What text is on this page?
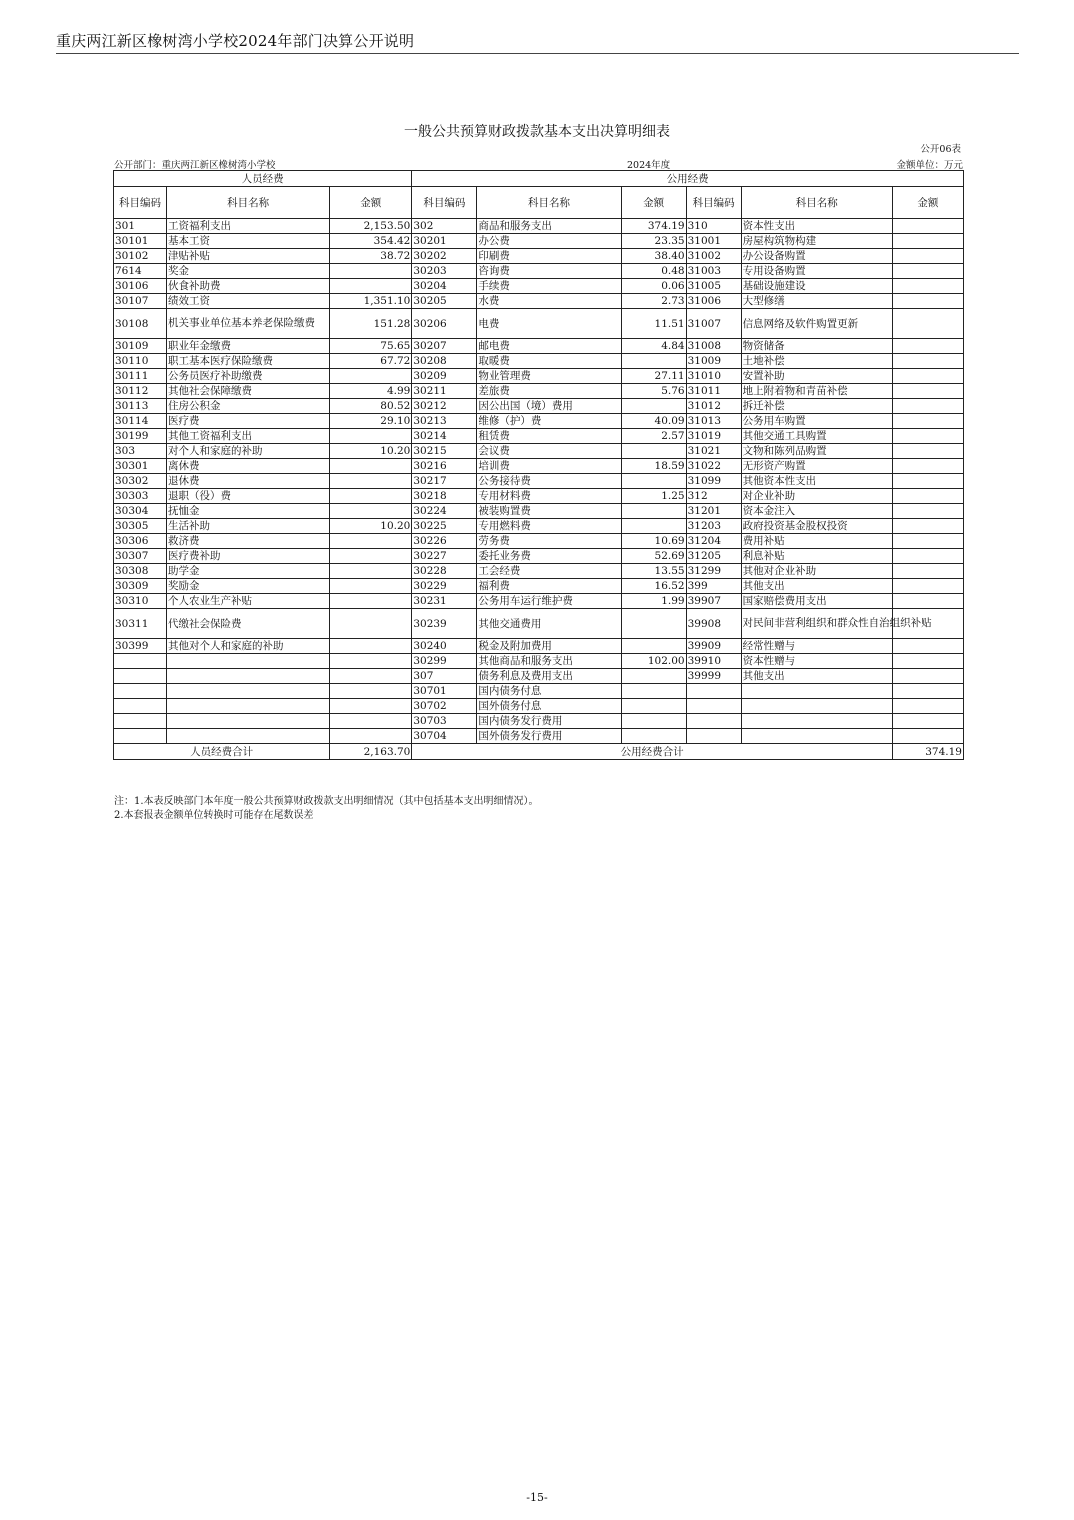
重庆两江新区橡树湾小学校2024年部门决算公开说明
一般公共预算财政拨款基本支出决算明细表
公开06表
公开部门：重庆两江新区橡树湾小学校	2024年度	金额单位：万元
人员经费			公用经费					
科目编码	科目名称	金额	科目编码	科目名称	金额	科目编码	科目名称	金额
301	工资福利支出	2,153.50	302	商品和服务支出	374.19	310	资本性支出	
30101	基本工资	354.42	30201	办公费	23.35	31001	房屋构筑物构建	
30102	津贴补贴	38.72	30202	印刷费	38.40	31002	办公设备购置	
7614	奖金		30203	咨询费	0.48	31003	专用设备购置	
30106	伙食补助费		30204	手续费	0.06	31005	基础设施建设	
30107	绩效工资	1,351.10	30205	水费	2.73	31006	大型修缮	
30108	机关事业单位基本养老保险缴费	151.28	30206	电费	11.51	31007	信息网络及软件购置更新	
30109	职业年金缴费	75.65	30207	邮电费	4.84	31008	物资储备	
30110	职工基本医疗保险缴费	67.72	30208	取暖费		31009	土地补偿	
30111	公务员医疗补助缴费		30209	物业管理费	27.11	31010	安置补助	
30112	其他社会保障缴费	4.99	30211	差旅费	5.76	31011	地上附着物和青苗补偿	
30113	住房公积金	80.52	30212	因公出国（境）费用		31012	拆迁补偿	
30114	医疗费	29.10	30213	维修（护）费	40.09	31013	公务用车购置	
30199	其他工资福利支出		30214	租赁费	2.57	31019	其他交通工具购置	
303	对个人和家庭的补助	10.20	30215	会议费		31021	文物和陈列品购置	
30301	离休费		30216	培训费	18.59	31022	无形资产购置	
30302	退休费		30217	公务接待费		31099	其他资本性支出	
30303	退职（役）费		30218	专用材料费	1.25	312	对企业补助	
30304	抚恤金		30224	被装购置费		31201	资本金注入	
30305	生活补助	10.20	30225	专用燃料费		31203	政府投资基金股权投资	
30306	救济费		30226	劳务费	10.69	31204	费用补贴	
30307	医疗费补助		30227	委托业务费	52.69	31205	利息补贴	
30308	助学金		30228	工会经费	13.55	31299	其他对企业补助	
30309	奖励金		30229	福利费	16.52	399	其他支出	
30310	个人农业生产补贴		30231	公务用车运行维护费	1.99	39907	国家赔偿费用支出	
30311	代缴社会保险费		30239	其他交通费用		39908	对民间非营利组织和群众性自治组织补贴	
30399	其他对个人和家庭的补助		30240	税金及附加费用		39909	经常性赠与	
			30299	其他商品和服务支出	102.00	39910	资本性赠与	
			307	债务利息及费用支出		39999	其他支出	
			30701	国内债务付息				
			30702	国外债务付息				
			30703	国内债务发行费用				
			30704	国外债务发行费用				
人员经费合计		2,163.70	公用经费合计					374.19
注：1.本表反映部门本年度一般公共预算财政拨款支出明细情况（其中包括基本支出明细情况）。
2.本套报表金额单位转换时可能存在尾数误差
-15-
